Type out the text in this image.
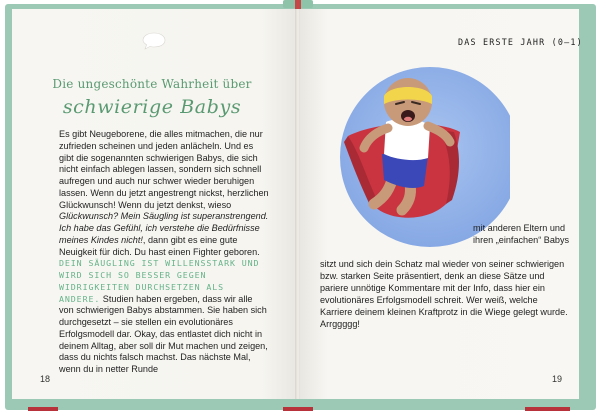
Die ungeschönte Wahrheit über
schwierige Babys
Es gibt Neugeborene, die alles mitmachen, die nur zufrieden scheinen und jeden anlächeln. Und es gibt die sogenannten schwierigen Babys, die sich nicht einfach ablegen lassen, sondern sich schnell aufregen und auch nur schwer wieder beruhigen lassen. Wenn du jetzt angestrengt nickst, herzlichen Glückwunsch! Wenn du jetzt denkst, wieso Glückwunsch? Mein Säugling ist superanstrengend. Ich habe das Gefühl, ich verstehe die Bedürfnisse meines Kindes nicht!, dann gibt es eine gute Neuigkeit für dich. Du hast einen Fighter geboren. DEIN SÄUGLING IST WILLENSSTARK UND WIRD SICH SO BESSER GEGEN WIDRIGKEITEN DURCHSETZEN ALS ANDERE. Studien haben ergeben, dass wir alle von schwierigen Babys abstammen. Sie haben sich durchgesetzt – sie stellen ein evolutionäres Erfolgsmodell dar. Okay, das entlastet dich nicht in deinem Alltag, aber soll dir Mut machen und zeigen, dass du nichts falsch machst. Das nächste Mal, wenn du in netter Runde
18
DAS ERSTE JAHR (0–1)
mit anderen Eltern und ihren „einfachen“ Babys
sitzt und sich dein Schatz mal wieder von seiner schwierigen bzw. starken Seite präsentiert, denk an diese Sätze und pariere unnötige Kommentare mit der Info, dass hier ein evolutionäres Erfolgsmodell schreit. Wer weiß, welche Karriere deinem kleinen Kraftprotz in die Wiege gelegt wurde. Arrggggg!
19
